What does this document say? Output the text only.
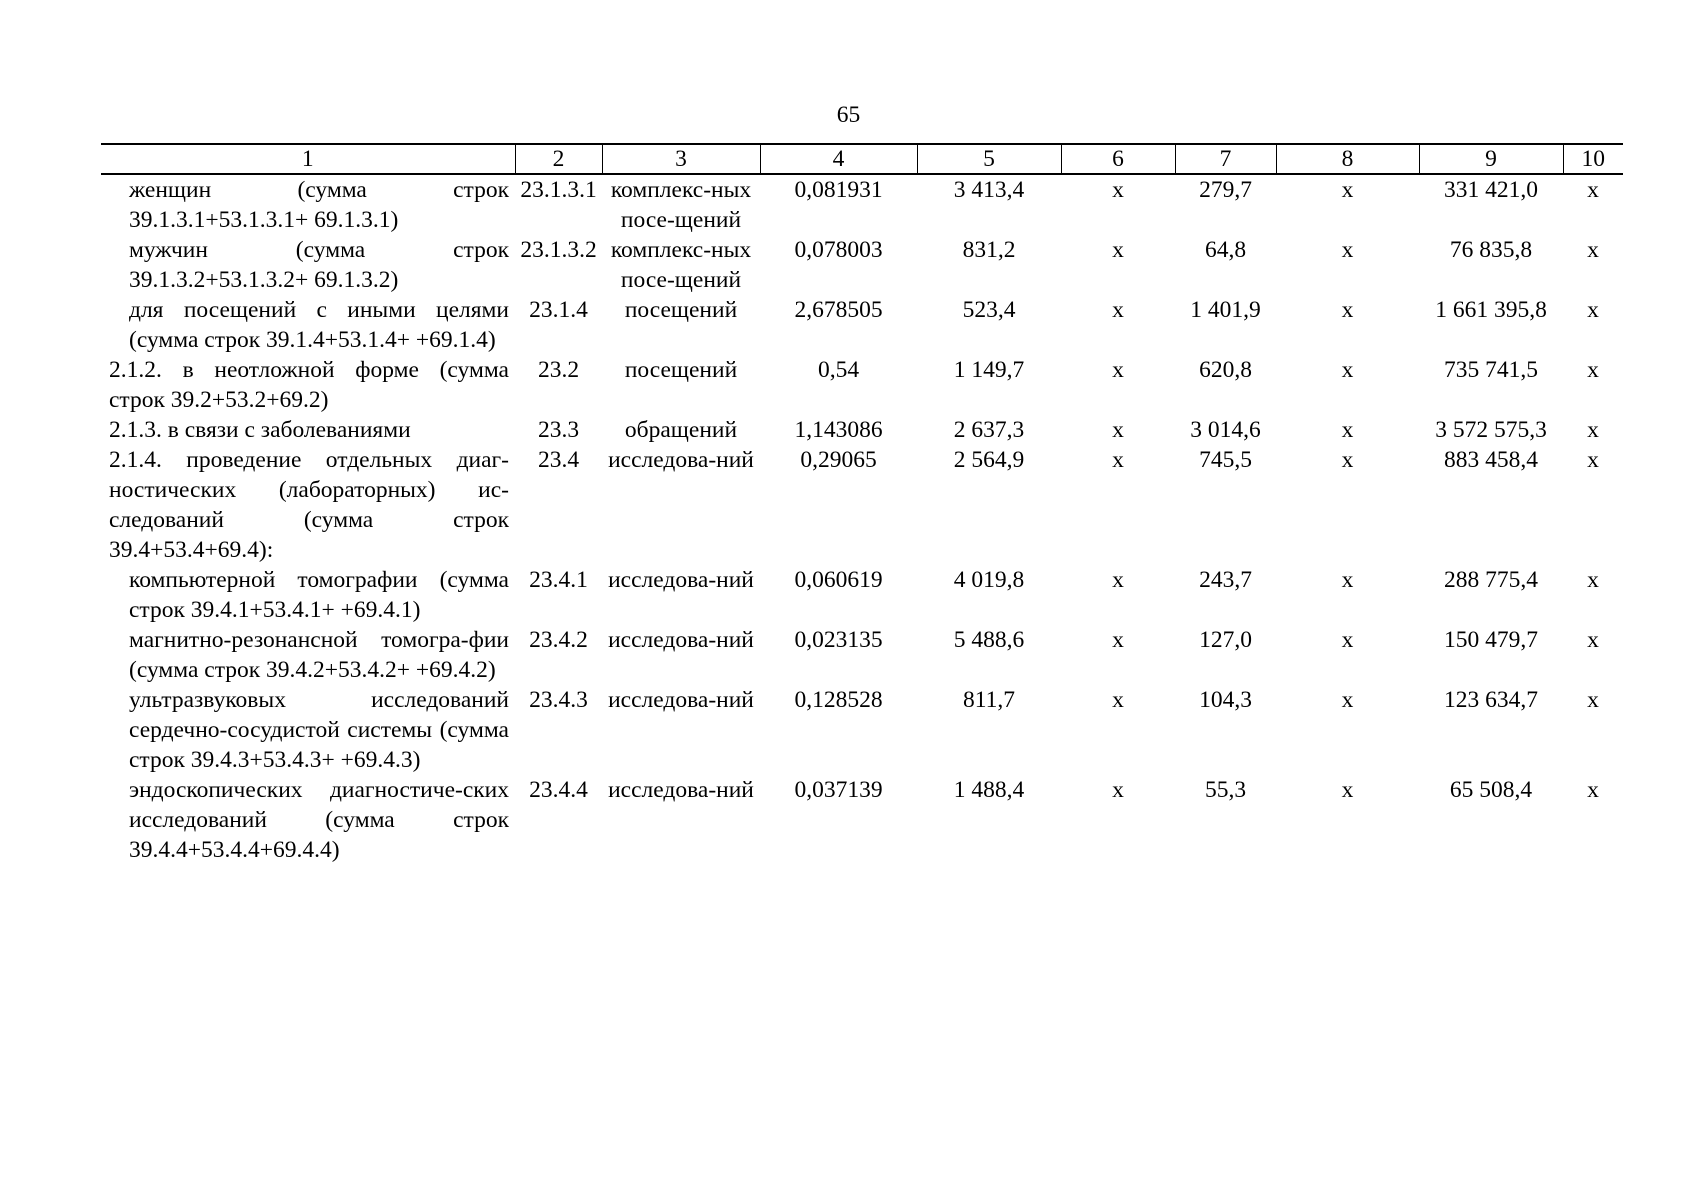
65
1	2	3	4	5	6	7	8	9	10
женщин (сумма строк 39.1.3.1+53.1.3.1+ 69.1.3.1)	23.1.3.1	комплекс-ных посе-щений	0,081931	3 413,4	х	279,7	х	331 421,0	х
мужчин (сумма строк 39.1.3.2+53.1.3.2+ 69.1.3.2)	23.1.3.2	комплекс-ных посе-щений	0,078003	831,2	х	64,8	х	76 835,8	х
для посещений с иными целями (сумма строк 39.1.4+53.1.4+ +69.1.4)	23.1.4	посещений	2,678505	523,4	х	1 401,9	х	1 661 395,8	х
2.1.2. в неотложной форме (сумма строк 39.2+53.2+69.2)	23.2	посещений	0,54	1 149,7	х	620,8	х	735 741,5	х
2.1.3. в связи с заболеваниями	23.3	обращений	1,143086	2 637,3	х	3 014,6	х	3 572 575,3	х
2.1.4. проведение отдельных диаг-ностических (лабораторных) ис-следований (сумма строк 39.4+53.4+69.4):	23.4	исследова-ний	0,29065	2 564,9	х	745,5	х	883 458,4	х
компьютерной томографии (сумма строк 39.4.1+53.4.1+ +69.4.1)	23.4.1	исследова-ний	0,060619	4 019,8	х	243,7	х	288 775,4	х
магнитно-резонансной томогра-фии (сумма строк 39.4.2+53.4.2+ +69.4.2)	23.4.2	исследова-ний	0,023135	5 488,6	х	127,0	х	150 479,7	х
ультразвуковых исследований сердечно-сосудистой системы (сумма строк 39.4.3+53.4.3+ +69.4.3)	23.4.3	исследова-ний	0,128528	811,7	х	104,3	х	123 634,7	х
эндоскопических диагностиче-ских исследований (сумма строк 39.4.4+53.4.4+69.4.4)	23.4.4	исследова-ний	0,037139	1 488,4	х	55,3	х	65 508,4	х
